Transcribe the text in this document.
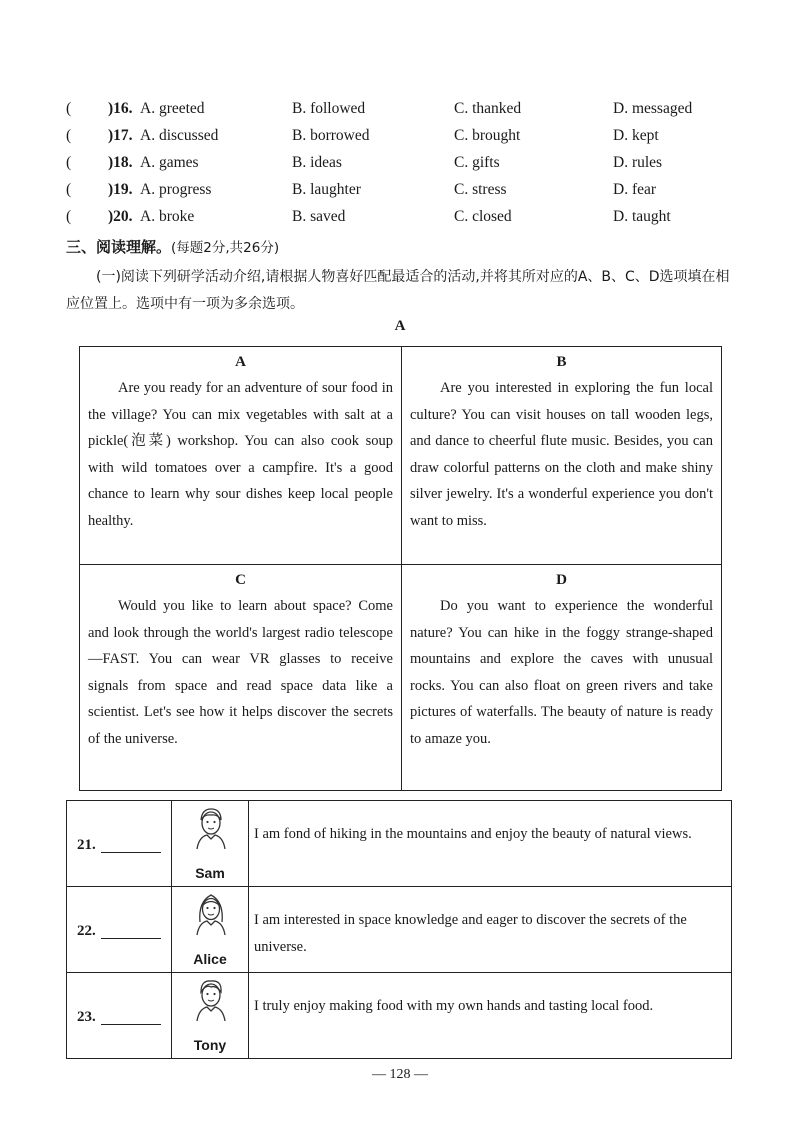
( )16. A. greeted	B. followed	C. thanked	D. messaged
( )17. A. discussed	B. borrowed	C. brought	D. kept
( )18. A. games	B. ideas	C. gifts	D. rules
( )19. A. progress	B. laughter	C. stress	D. fear
( )20. A. broke	B. saved	C. closed	D. taught
三、阅读理解。(每题2分,共26分)
(一)阅读下列研学活动介绍,请根据人物喜好匹配最适合的活动,并将其所对应的A、B、C、D选项填在相应位置上。选项中有一项为多余选项。
A
A

Are you ready for an adventure of sour food in the village? You can mix vegetables with salt at a pickle(泡菜) workshop. You can also cook soup with wild tomatoes over a campfire. It's a good chance to learn why sour dishes keep local people healthy.

B

Are you interested in exploring the fun local culture? You can visit houses on tall wooden legs, and dance to cheerful flute music. Besides, you can draw colorful patterns on the cloth and make shiny silver jewelry. It's a wonderful experience you don't want to miss.

C

Would you like to learn about space? Come and look through the world's largest radio telescope—FAST. You can wear VR glasses to receive signals from space and read space data like a scientist. Let's see how it helps discover the secrets of the universe.

D

Do you want to experience the wonderful nature? You can hike in the foggy strange-shaped mountains and explore the caves with unusual rocks. You can also float on green rivers and take pictures of waterfalls. The beauty of nature is ready to amaze you.

21.
Sam
I am fond of hiking in the mountains and enjoy the beauty of natural views.
22.
Alice
I am interested in space knowledge and eager to discover the secrets of the universe.
23.
Tony
I truly enjoy making food with my own hands and tasting local food.
— 128 —
